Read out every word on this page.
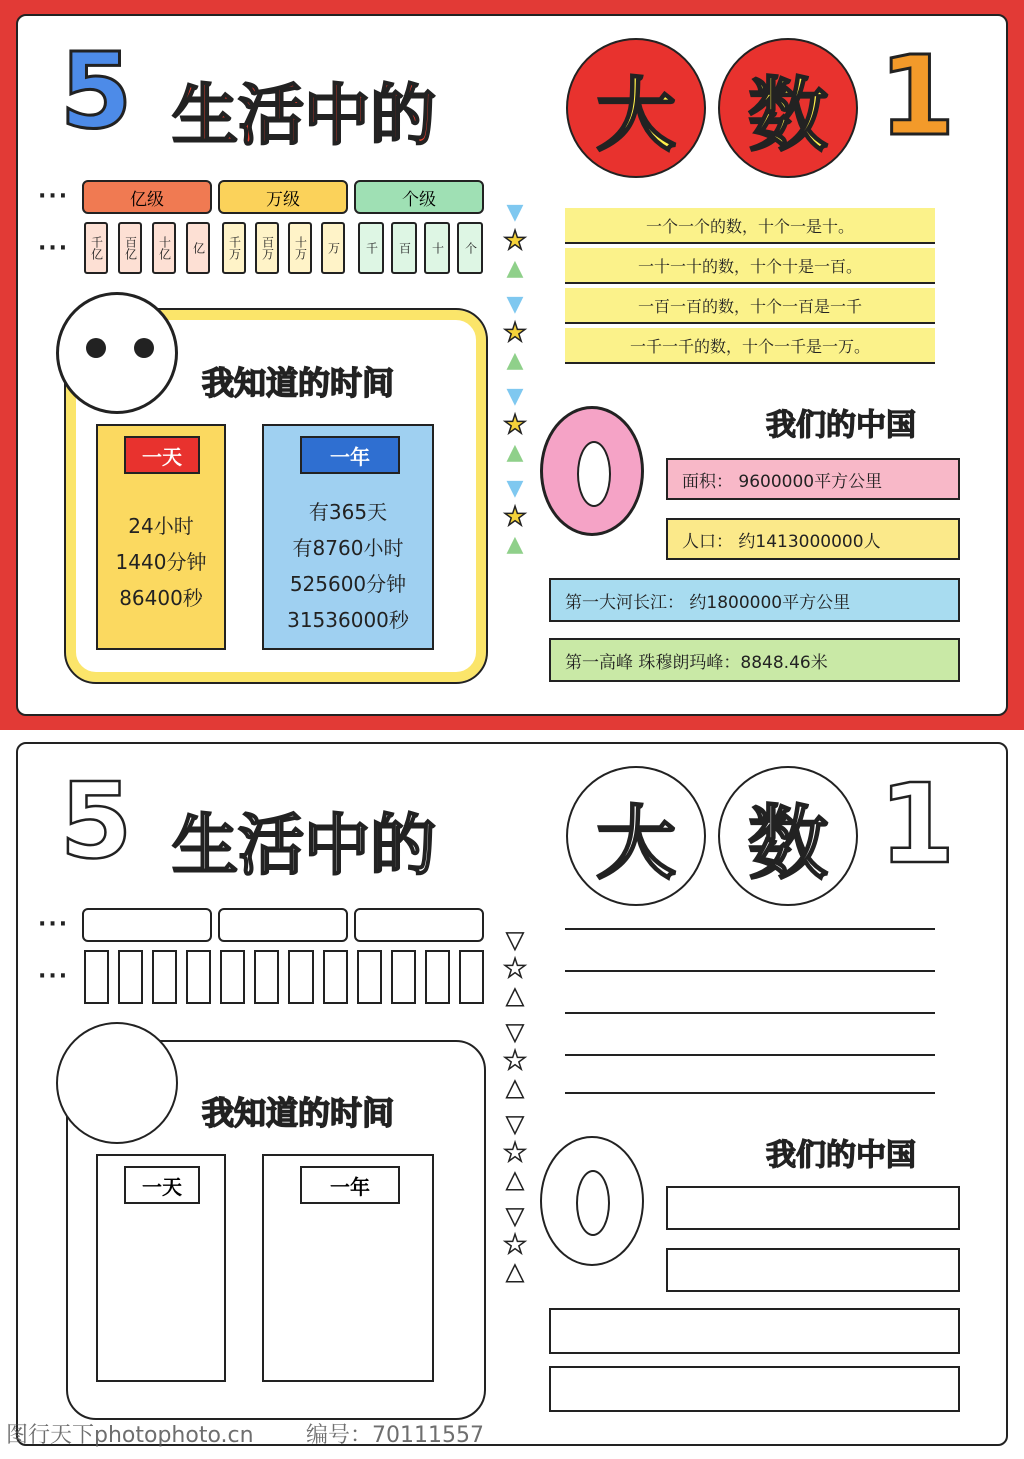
5 生活中的 大 数 1
···
···
亿级	万级	个级
千亿	百亿	十亿	亿	千万	百万	十万	万	千	百	十	个
▼
★
▲
▼
★
▲
▼
★
▲
▼
★
▲
一个一个的数，十个一是十。
一十一十的数，十个十是一百。
一百一百的数，十个一百是一千
一千一千的数，十个一千是一万。
我知道的时间
一天
24小时
1440分钟
86400秒
一年
有365天
有8760小时
525600分钟
31536000秒
我们的中国
面积： 9600000平方公里
人口： 约1413000000人
第一大河长江： 约1800000平方公里
第一高峰 珠穆朗玛峰：8848.46米
5 生活中的 大 数 1
···
···
▼
★
▲
▼
★
▲
▼
★
▲
▼
★
▲
我知道的时间
一天	一年
我们的中国
图行天下photophoto.cn 编号：70111557
